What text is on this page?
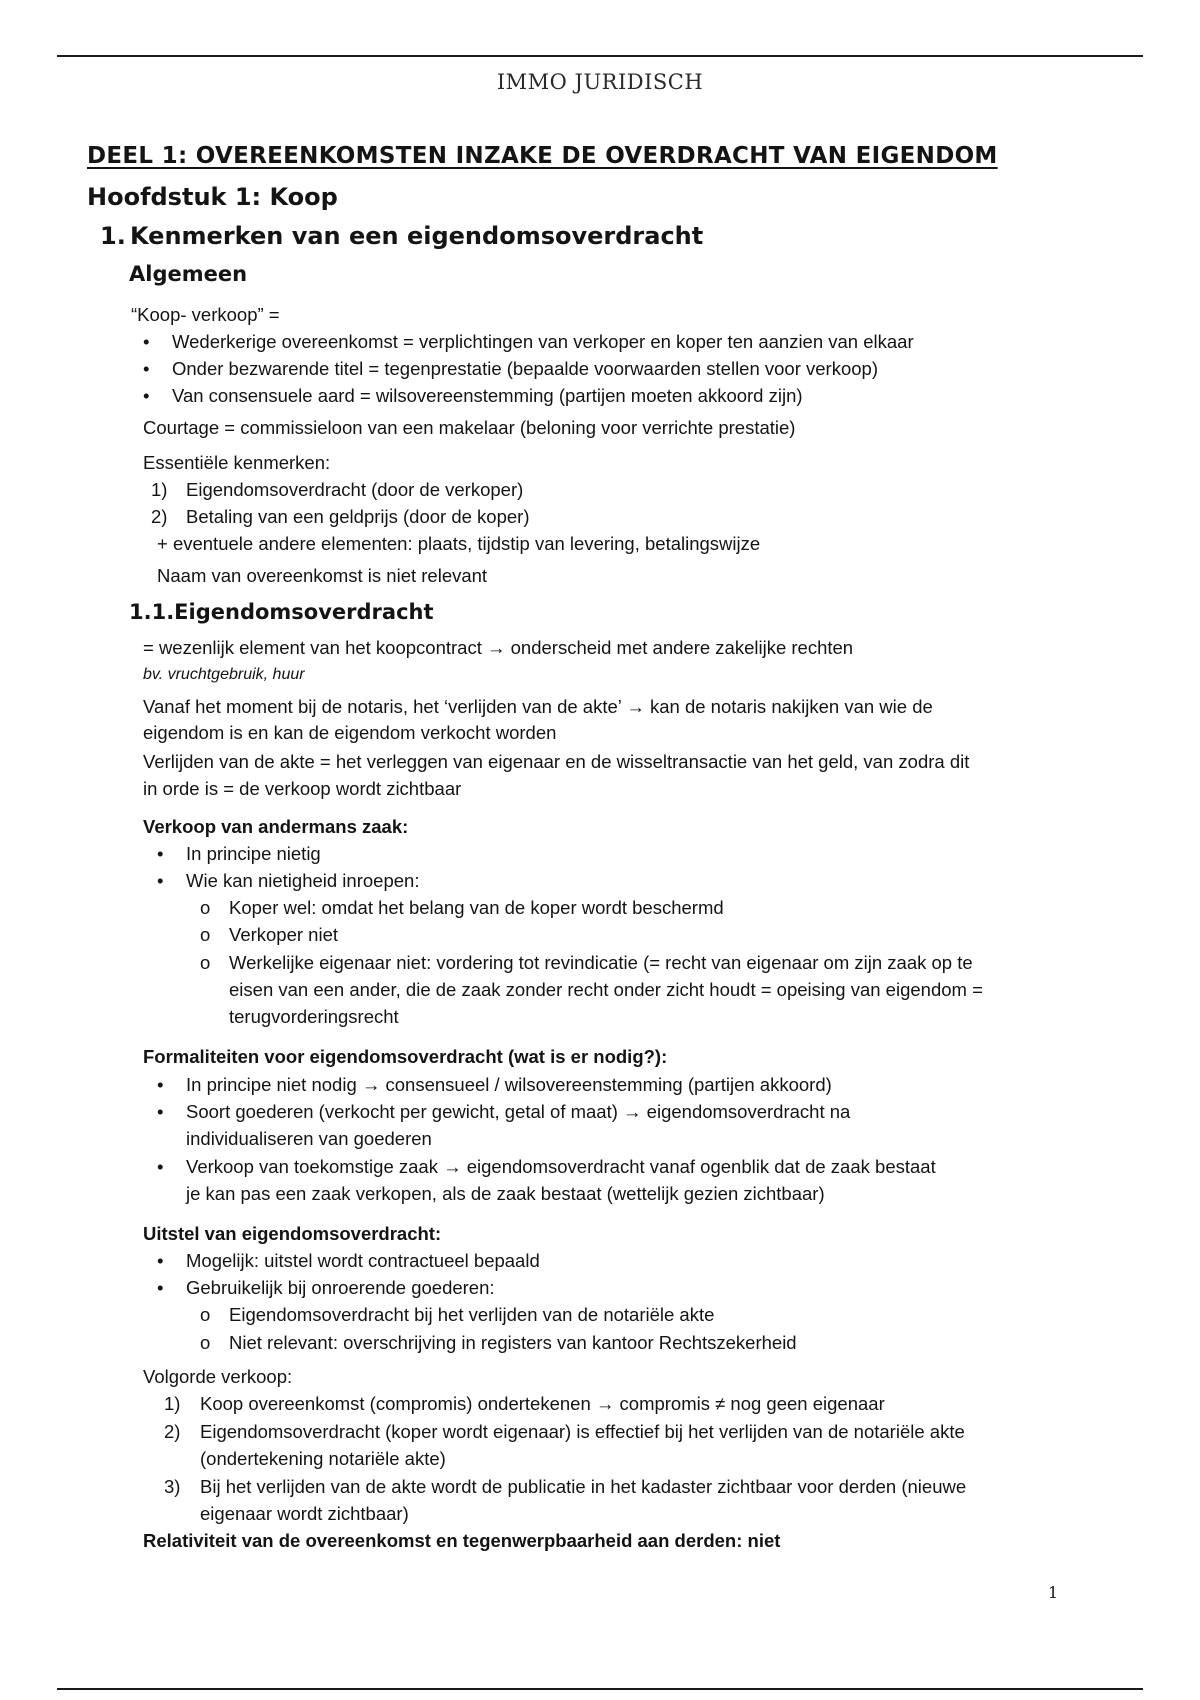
IMMO JURIDISCH
DEEL 1: OVEREENKOMSTEN INZAKE DE OVERDRACHT VAN EIGENDOM
Hoofdstuk 1: Koop
1. Kenmerken van een eigendomsoverdracht
Algemeen
“Koop- verkoop” =
• Wederkerige overeenkomst = verplichtingen van verkoper en koper ten aanzien van elkaar
• Onder bezwarende titel = tegenprestatie (bepaalde voorwaarden stellen voor verkoop)
• Van consensuele aard = wilsovereenstemming (partijen moeten akkoord zijn)
Courtage = commissieloon van een makelaar (beloning voor verrichte prestatie)
Essentiële kenmerken:
1) Eigendomsoverdracht (door de verkoper)
2) Betaling van een geldprijs (door de koper)
+ eventuele andere elementen: plaats, tijdstip van levering, betalingswijze
Naam van overeenkomst is niet relevant
= wezenlijk element van het koopcontract → onderscheid met andere zakelijke rechten
bv. vruchtgebruik, huur
Vanaf het moment bij de notaris, het ‘verlijden van de akte’ → kan de notaris nakijken van wie de
eigendom is en kan de eigendom verkocht worden
Verlijden van de akte = het verleggen van eigenaar en de wisseltransactie van het geld, van zodra dit
in orde is = de verkoop wordt zichtbaar
Verkoop van andermans zaak:
• In principe nietig
• Wie kan nietigheid inroepen:
o Koper wel: omdat het belang van de koper wordt beschermd
o Verkoper niet
o Werkelijke eigenaar niet: vordering tot revindicatie (= recht van eigenaar om zijn zaak op te
eisen van een ander, die de zaak zonder recht onder zicht houdt = opeising van eigendom =
terugvorderingsrecht
Formaliteiten voor eigendomsoverdracht (wat is er nodig?):
• In principe niet nodig → consensueel / wilsovereenstemming (partijen akkoord)
• Soort goederen (verkocht per gewicht, getal of maat) → eigendomsoverdracht na
individualiseren van goederen
• Verkoop van toekomstige zaak → eigendomsoverdracht vanaf ogenblik dat de zaak bestaat
je kan pas een zaak verkopen, als de zaak bestaat (wettelijk gezien zichtbaar)
Uitstel van eigendomsoverdracht:
• Mogelijk: uitstel wordt contractueel bepaald
• Gebruikelijk bij onroerende goederen:
o Eigendomsoverdracht bij het verlijden van de notariële akte
o Niet relevant: overschrijving in registers van kantoor Rechtszekerheid
Volgorde verkoop:
1) Koop overeenkomst (compromis) ondertekenen → compromis ≠ nog geen eigenaar
2) Eigendomsoverdracht (koper wordt eigenaar) is effectief bij het verlijden van de notariële akte
(ondertekening notariële akte)
3) Bij het verlijden van de akte wordt de publicatie in het kadaster zichtbaar voor derden (nieuwe
eigenaar wordt zichtbaar)
Relativiteit van de overeenkomst en tegenwerpbaarheid aan derden: niet
1.1.Eigendomsoverdracht
1
